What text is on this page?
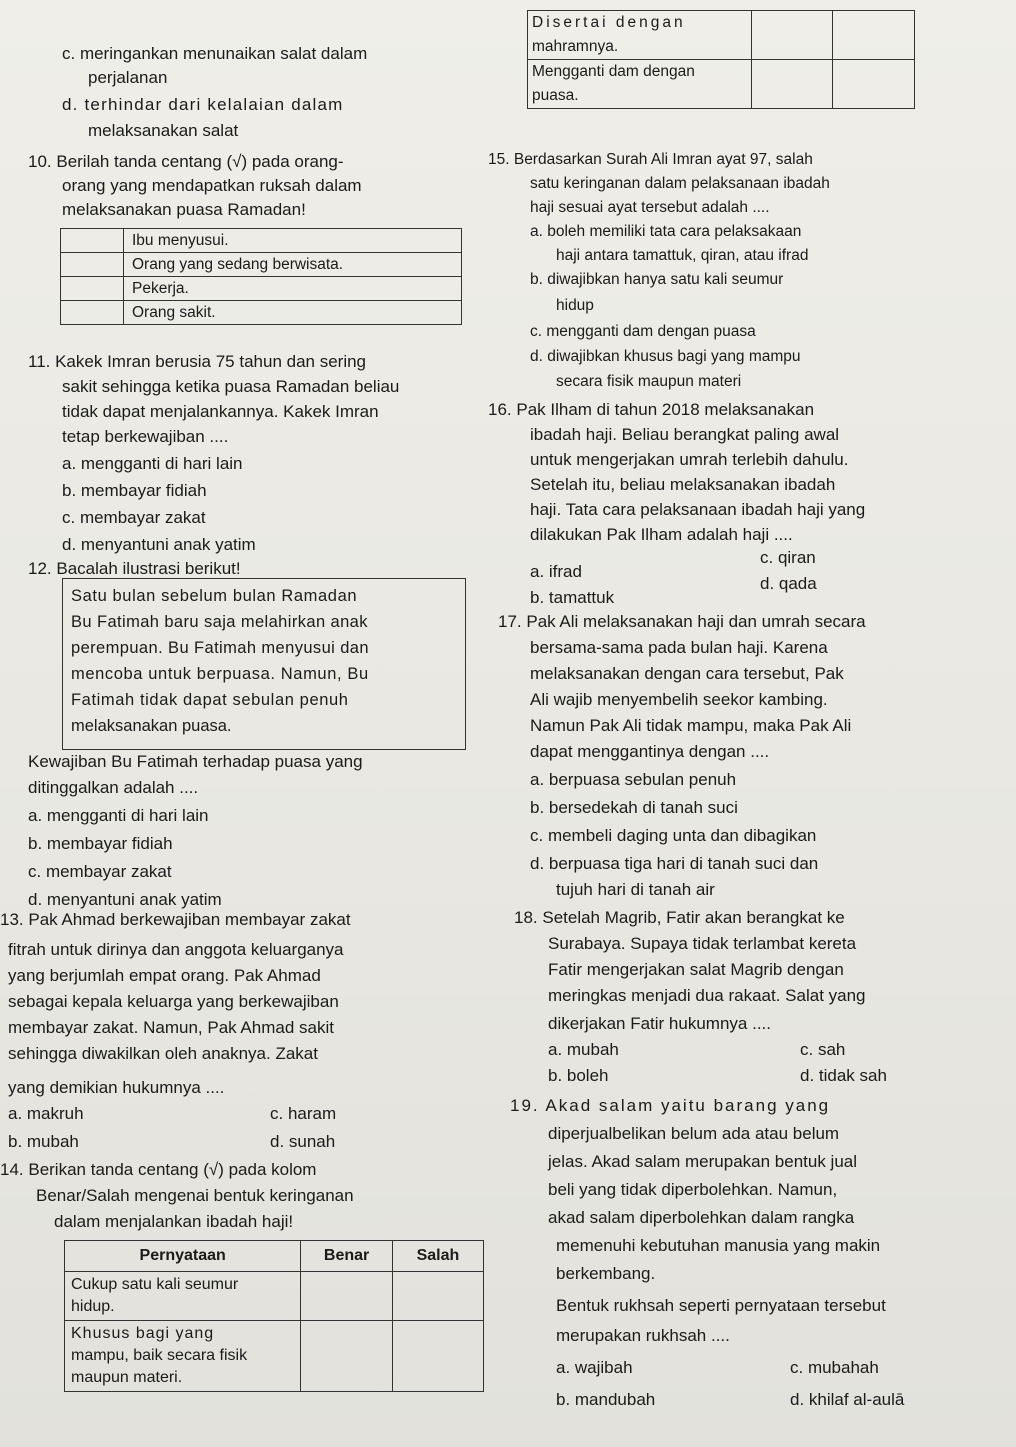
c. meringankan menunaikan salat dalam
perjalanan
d. terhindar dari kelalaian dalam
melaksanakan salat
10. Berilah tanda centang (√) pada orang-
orang yang mendapatkan ruksah dalam
melaksanakan puasa Ramadan!
	Ibu menyusui.
	Orang yang sedang berwisata.
	Pekerja.
	Orang sakit.
11. Kakek Imran berusia 75 tahun dan sering
sakit sehingga ketika puasa Ramadan beliau
tidak dapat menjalankannya. Kakek Imran
tetap berkewajiban ....
a. mengganti di hari lain
b. membayar fidiah
c. membayar zakat
d. menyantuni anak yatim
12. Bacalah ilustrasi berikut!
Satu bulan sebelum bulan Ramadan
Bu Fatimah baru saja melahirkan anak
perempuan. Bu Fatimah menyusui dan
mencoba untuk berpuasa. Namun, Bu
Fatimah tidak dapat sebulan penuh
melaksanakan puasa.
Kewajiban Bu Fatimah terhadap puasa yang
ditinggalkan adalah ....
a. mengganti di hari lain
b. membayar fidiah
c. membayar zakat
d. menyantuni anak yatim
13. Pak Ahmad berkewajiban membayar zakat
fitrah untuk dirinya dan anggota keluarganya
yang berjumlah empat orang. Pak Ahmad
sebagai kepala keluarga yang berkewajiban
membayar zakat. Namun, Pak Ahmad sakit
sehingga diwakilkan oleh anaknya. Zakat
yang demikian hukumnya ....
a. makruh	c. haram
b. mubah	d. sunah
14. Berikan tanda centang (√) pada kolom
Benar/Salah mengenai bentuk keringanan
dalam menjalankan ibadah haji!
Pernyataan	Benar	Salah

Cukup satu kali seumur
hidup.		

Khusus bagi yang
mampu, baik secara fisik
maupun materi.		

Disertai dengan
mahramnya.		

Mengganti dam dengan
puasa.		

15. Berdasarkan Surah Ali Imran ayat 97, salah
satu keringanan dalam pelaksanaan ibadah
haji sesuai ayat tersebut adalah ....
a. boleh memiliki tata cara pelaksakaan
haji antara tamattuk, qiran, atau ifrad
b. diwajibkan hanya satu kali seumur
hidup
c. mengganti dam dengan puasa
d. diwajibkan khusus bagi yang mampu
secara fisik maupun materi
16. Pak Ilham di tahun 2018 melaksanakan
ibadah haji. Beliau berangkat paling awal
untuk mengerjakan umrah terlebih dahulu.
Setelah itu, beliau melaksanakan ibadah
haji. Tata cara pelaksanaan ibadah haji yang
dilakukan Pak Ilham adalah haji ....
a. ifrad
c. qiran
b. tamattuk
d. qada
17. Pak Ali melaksanakan haji dan umrah secara
bersama-sama pada bulan haji. Karena
melaksanakan dengan cara tersebut, Pak
Ali wajib menyembelih seekor kambing.
Namun Pak Ali tidak mampu, maka Pak Ali
dapat menggantinya dengan ....
a. berpuasa sebulan penuh
b. bersedekah di tanah suci
c. membeli daging unta dan dibagikan
d. berpuasa tiga hari di tanah suci dan
tujuh hari di tanah air
18. Setelah Magrib, Fatir akan berangkat ke
Surabaya. Supaya tidak terlambat kereta
Fatir mengerjakan salat Magrib dengan
meringkas menjadi dua rakaat. Salat yang
dikerjakan Fatir hukumnya ....
a. mubah	c. sah
b. boleh	d. tidak sah
19. Akad salam yaitu barang yang
diperjualbelikan belum ada atau belum
jelas. Akad salam merupakan bentuk jual
beli yang tidak diperbolehkan. Namun,
akad salam diperbolehkan dalam rangka
memenuhi kebutuhan manusia yang makin
berkembang.
Bentuk rukhsah seperti pernyataan tersebut
merupakan rukhsah ....
a. wajibah	c. mubahah
b. mandubah	d. khilaf al-aulā
